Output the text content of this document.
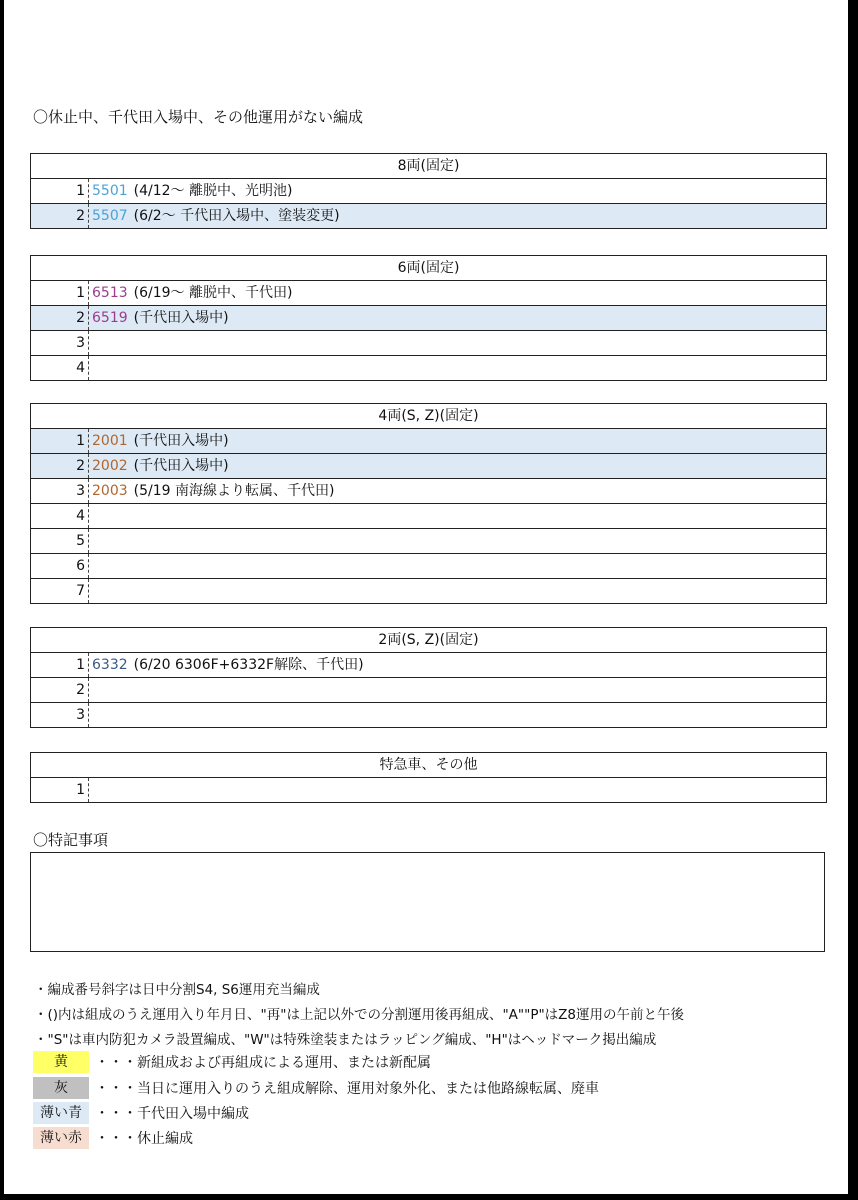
〇休止中、千代田入場中、その他運用がない編成
8両(固定)
1 5501 (4/12～ 離脱中、光明池)
2 5507 (6/2～ 千代田入場中、塗装変更)
6両(固定)
1 6513 (6/19～ 離脱中、千代田)
2 6519 (千代田入場中)
3
4
4両(S, Z)(固定)
1 2001 (千代田入場中)
2 2002 (千代田入場中)
3 2003 (5/19 南海線より転属、千代田)
4
5
6
7
2両(S, Z)(固定)
1 6332 (6/20 6306F+6332F解除、千代田)
2
3
特急車、その他
1
〇特記事項
・編成番号斜字は日中分割S4, S6運用充当編成
・()内は組成のうえ運用入り年月日、"再"は上記以外での分割運用後再組成、"A""P"はZ8運用の午前と午後
・"S"は車内防犯カメラ設置編成、"W"は特殊塗装またはラッピング編成、"H"はヘッドマーク掲出編成
黄	・・・新組成および再組成による運用、または新配属
灰	・・・当日に運用入りのうえ組成解除、運用対象外化、または他路線転属、廃車
薄い青 ・・・千代田入場中編成
薄い赤 ・・・休止編成
